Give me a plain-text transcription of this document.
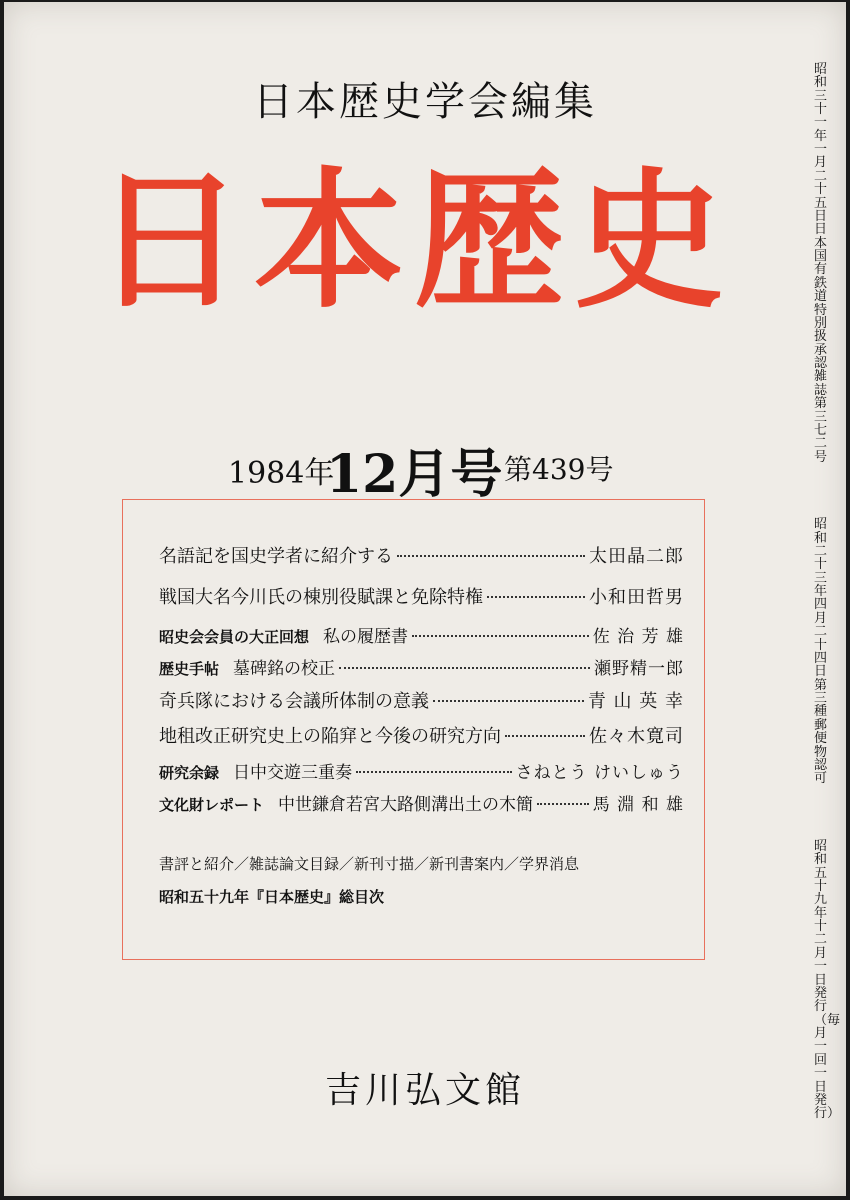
日本歴史学会編集
日本歴史
1984年
12月号 第439号
名語記を国史学者に紹介する	太田晶二郎
戦国大名今川氏の棟別役賦課と免除特権	小和田哲男
昭史会会員の大正回想 私の履歴書	佐 治 芳 雄
歴史手帖 墓碑銘の校正	瀬野精一郎
奇兵隊における会議所体制の意義	青 山 英 幸
地租改正研究史上の陥穽と今後の研究方向	佐々木寛司
研究余録 日中交遊三重奏	さねとう けいしゅう
文化財レポート 中世鎌倉若宮大路側溝出土の木簡	馬 淵 和 雄
書評と紹介／雑誌論文目録／新刊寸描／新刊書案内／学界消息
昭和五十九年『日本歴史』総目次
吉川弘文館

昭和三十一年一月二十五日日本国有鉄道特別扱承認雑誌第三七二号

昭和二十三年四月二十四日第三種郵便物認可

昭和五十九年十二月一日発行（毎月一回一日発行）
